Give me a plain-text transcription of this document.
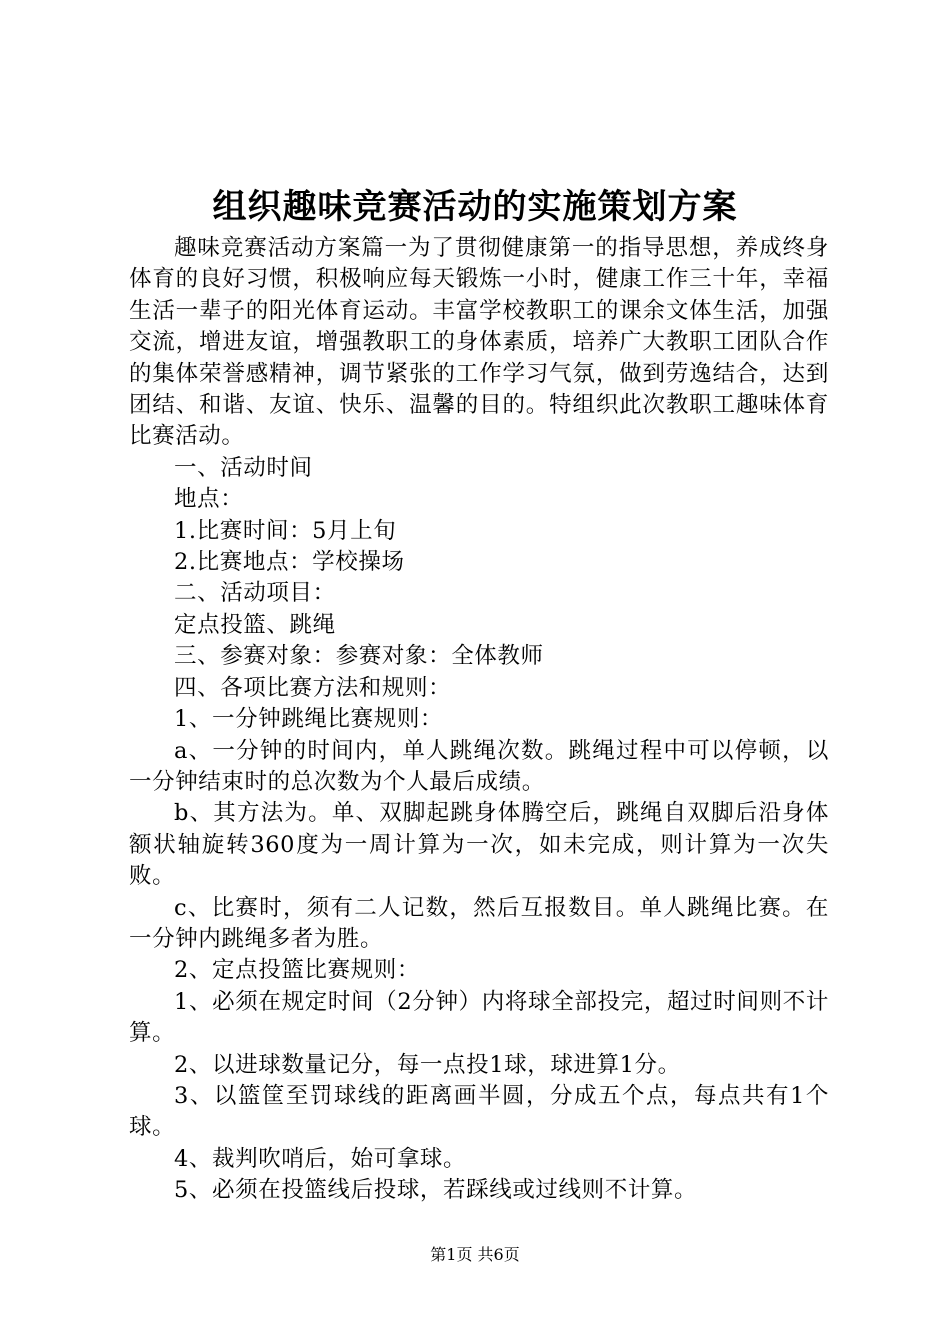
组织趣味竞赛活动的实施策划方案

趣味竞赛活动方案篇一为了贯彻健康第一的指导思想，养成终身体育的良好习惯，积极响应每天锻炼一小时，健康工作三十年，幸福生活一辈子的阳光体育运动。丰富学校教职工的课余文体生活，加强交流，增进友谊，增强教职工的身体素质，培养广大教职工团队合作的集体荣誉感精神，调节紧张的工作学习气氛，做到劳逸结合，达到团结、和谐、友谊、快乐、温馨的目的。特组织此次教职工趣味体育比赛活动。

一、活动时间

地点：

1.比赛时间：5月上旬

2.比赛地点：学校操场

二、活动项目：

定点投篮、跳绳

三、参赛对象：参赛对象：全体教师

四、各项比赛方法和规则：

1、一分钟跳绳比赛规则：

a、一分钟的时间内，单人跳绳次数。跳绳过程中可以停顿，以一分钟结束时的总次数为个人最后成绩。

b、其方法为。单、双脚起跳身体腾空后，跳绳自双脚后沿身体额状轴旋转360度为一周计算为一次，如未完成，则计算为一次失败。

c、比赛时，须有二人记数，然后互报数目。单人跳绳比赛。在一分钟内跳绳多者为胜。

2、定点投篮比赛规则：

1、必须在规定时间（2分钟）内将球全部投完，超过时间则不计算。

2、以进球数量记分，每一点投1球，球进算1分。

3、以篮筐至罚球线的距离画半圆，分成五个点，每点共有1个球。

4、裁判吹哨后，始可拿球。

5、必须在投篮线后投球，若踩线或过线则不计算。

第1页 共6页
